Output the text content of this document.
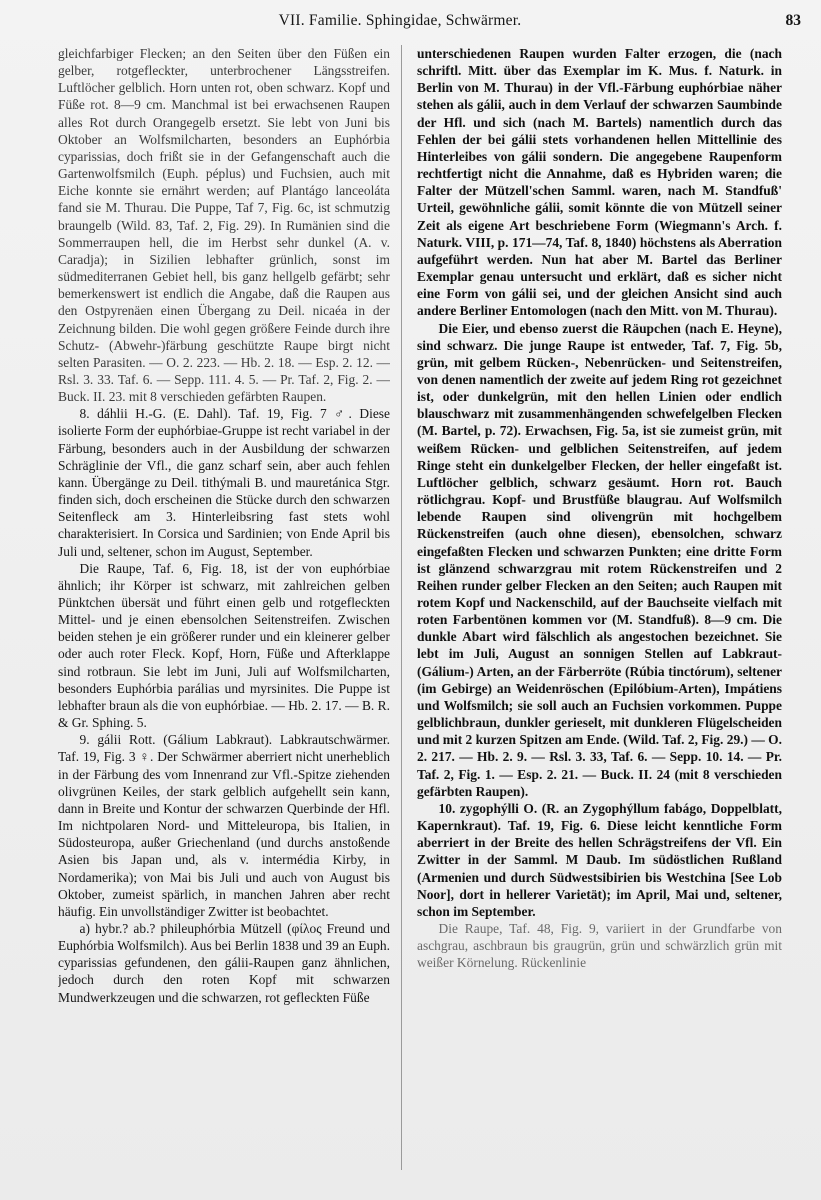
VII. Familie. Sphingidae, Schwärmer.	83

gleichfarbiger Flecken; an den Seiten über den Füßen ein gelber, rotgefleckter, unterbrochener Längsstreifen. Luftlöcher gelblich. Horn unten rot, oben schwarz. Kopf und Füße rot. 8—9 cm. Manchmal ist bei erwachsenen Raupen alles Rot durch Orangegelb ersetzt. Sie lebt von Juni bis Oktober an Wolfsmilcharten, besonders an Euphórbia cyparissias, doch frißt sie in der Gefangenschaft auch die Gartenwolfsmilch (Euph. péplus) und Fuchsien, auch mit Eiche konnte sie ernährt werden; auf Plantágo lanceoláta fand sie M. Thurau. Die Puppe, Taf 7, Fig. 6c, ist schmutzig braungelb (Wild. 83, Taf. 2, Fig. 29). In Rumänien sind die Sommerraupen hell, die im Herbst sehr dunkel (A. v. Caradja); in Sizilien lebhafter grünlich, sonst im südmediterranen Gebiet hell, bis ganz hellgelb gefärbt; sehr bemerkenswert ist endlich die Angabe, daß die Raupen aus den Ostpyrenäen einen Übergang zu Deil. nicaéa in der Zeichnung bilden. Die wohl gegen größere Feinde durch ihre Schutz- (Abwehr-)färbung geschützte Raupe birgt nicht selten Parasiten. — O. 2. 223. — Hb. 2. 18. — Esp. 2. 12. — Rsl. 3. 33. Taf. 6. — Sepp. 111. 4. 5. — Pr. Taf. 2, Fig. 2. — Buck. II. 23. mit 8 verschieden gefärbten Raupen.

8. dáhlii H.-G. (E. Dahl). Taf. 19, Fig. 7 ♂. Diese isolierte Form der euphórbiae-Gruppe ist recht variabel in der Färbung, besonders auch in der Ausbildung der schwarzen Schräglinie der Vfl., die ganz scharf sein, aber auch fehlen kann. Übergänge zu Deil. tithýmali B. und mauretánica Stgr. finden sich, doch erscheinen die Stücke durch den schwarzen Seitenfleck am 3. Hinterleibsring fast stets wohl charakterisiert. In Corsica und Sardinien; von Ende April bis Juli und, seltener, schon im August, September.

Die Raupe, Taf. 6, Fig. 18, ist der von euphórbiae ähnlich; ihr Körper ist schwarz, mit zahlreichen gelben Pünktchen übersät und führt einen gelb und rotgefleckten Mittel- und je einen ebensolchen Seitenstreifen. Zwischen beiden stehen je ein größerer runder und ein kleinerer gelber oder auch roter Fleck. Kopf, Horn, Füße und Afterklappe sind rotbraun. Sie lebt im Juni, Juli auf Wolfsmilcharten, besonders Euphórbia parálias und myrsinites. Die Puppe ist lebhafter braun als die von euphórbiae. — Hb. 2. 17. — B. R. & Gr. Sphing. 5.

9. gálii Rott. (Gálium Labkraut). Labkrautschwärmer. Taf. 19, Fig. 3 ♀. Der Schwärmer aberriert nicht unerheblich in der Färbung des vom Innenrand zur Vfl.-Spitze ziehenden olivgrünen Keiles, der stark gelblich aufgehellt sein kann, dann in Breite und Kontur der schwarzen Querbinde der Hfl. Im nichtpolaren Nord- und Mitteleuropa, bis Italien, in Südosteuropa, außer Griechenland (und durchs anstoßende Asien bis Japan und, als v. intermédia Kirby, in Nordamerika); von Mai bis Juli und auch von August bis Oktober, zumeist spärlich, in manchen Jahren aber recht häufig. Ein unvollständiger Zwitter ist beobachtet.

a) hybr.? ab.? phileuphórbia Mützell (φίλος Freund und Euphórbia Wolfsmilch). Aus bei Berlin 1838 und 39 an Euph. cyparissias gefundenen, den gálii-Raupen ganz ähnlichen, jedoch durch den roten Kopf mit schwarzen Mundwerkzeugen und die schwarzen, rot gefleckten Füße

unterschiedenen Raupen wurden Falter erzogen, die (nach schriftl. Mitt. über das Exemplar im K. Mus. f. Naturk. in Berlin von M. Thurau) in der Vfl.-Färbung euphórbiae näher stehen als gálii, auch in dem Verlauf der schwarzen Saumbinde der Hfl. und sich (nach M. Bartels) namentlich durch das Fehlen der bei gálii stets vorhandenen hellen Mittellinie des Hinterleibes von gálii sondern. Die angegebene Raupenform rechtfertigt nicht die Annahme, daß es Hybriden waren; die Falter der Mützell'schen Samml. waren, nach M. Standfuß' Urteil, gewöhnliche gálii, somit könnte die von Mützell seiner Zeit als eigene Art beschriebene Form (Wiegmann's Arch. f. Naturk. VIII, p. 171—74, Taf. 8, 1840) höchstens als Aberration aufgeführt werden. Nun hat aber M. Bartel das Berliner Exemplar genau untersucht und erklärt, daß es sicher nicht eine Form von gálii sei, und der gleichen Ansicht sind auch andere Berliner Entomologen (nach den Mitt. von M. Thurau).

Die Eier, und ebenso zuerst die Räupchen (nach E. Heyne), sind schwarz. Die junge Raupe ist entweder, Taf. 7, Fig. 5b, grün, mit gelbem Rücken-, Nebenrücken- und Seitenstreifen, von denen namentlich der zweite auf jedem Ring rot gezeichnet ist, oder dunkelgrün, mit den hellen Linien oder endlich blauschwarz mit zusammenhängenden schwefelgelben Flecken (M. Bartel, p. 72). Erwachsen, Fig. 5a, ist sie zumeist grün, mit weißem Rücken- und gelblichen Seitenstreifen, auf jedem Ringe steht ein dunkelgelber Flecken, der heller eingefaßt ist. Luftlöcher gelblich, schwarz gesäumt. Horn rot. Bauch rötlichgrau. Kopf- und Brustfüße blaugrau. Auf Wolfsmilch lebende Raupen sind olivengrün mit hochgelbem Rückenstreifen (auch ohne diesen), ebensolchen, schwarz eingefaßten Flecken und schwarzen Punkten; eine dritte Form ist glänzend schwarzgrau mit rotem Rückenstreifen und 2 Reihen runder gelber Flecken an den Seiten; auch Raupen mit rotem Kopf und Nackenschild, auf der Bauchseite vielfach mit roten Farbentönen kommen vor (M. Standfuß). 8—9 cm. Die dunkle Abart wird fälschlich als angestochen bezeichnet. Sie lebt im Juli, August an sonnigen Stellen auf Labkraut- (Gálium-) Arten, an der Färberröte (Rúbia tinctórum), seltener (im Gebirge) an Weidenröschen (Epilóbium-Arten), Impátiens und Wolfsmilch; sie soll auch an Fuchsien vorkommen. Puppe gelblichbraun, dunkler gerieselt, mit dunkleren Flügelscheiden und mit 2 kurzen Spitzen am Ende. (Wild. Taf. 2, Fig. 29.) — O. 2. 217. — Hb. 2. 9. — Rsl. 3. 33, Taf. 6. — Sepp. 10. 14. — Pr. Taf. 2, Fig. 1. — Esp. 2. 21. — Buck. II. 24 (mit 8 verschieden gefärbten Raupen).

10. zygophýlli O. (R. an Zygophýllum fabágo, Doppelblatt, Kapernkraut). Taf. 19, Fig. 6. Diese leicht kenntliche Form aberriert in der Breite des hellen Schrägstreifens der Vfl. Ein Zwitter in der Samml. M Daub. Im südöstlichen Rußland (Armenien und durch Südwestsibirien bis Westchina [See Lob Noor], dort in hellerer Varietät); im April, Mai und, seltener, schon im September.

Die Raupe, Taf. 48, Fig. 9, variiert in der Grundfarbe von aschgrau, aschbraun bis graugrün, grün und schwärzlich grün mit weißer Körnelung. Rückenlinie
